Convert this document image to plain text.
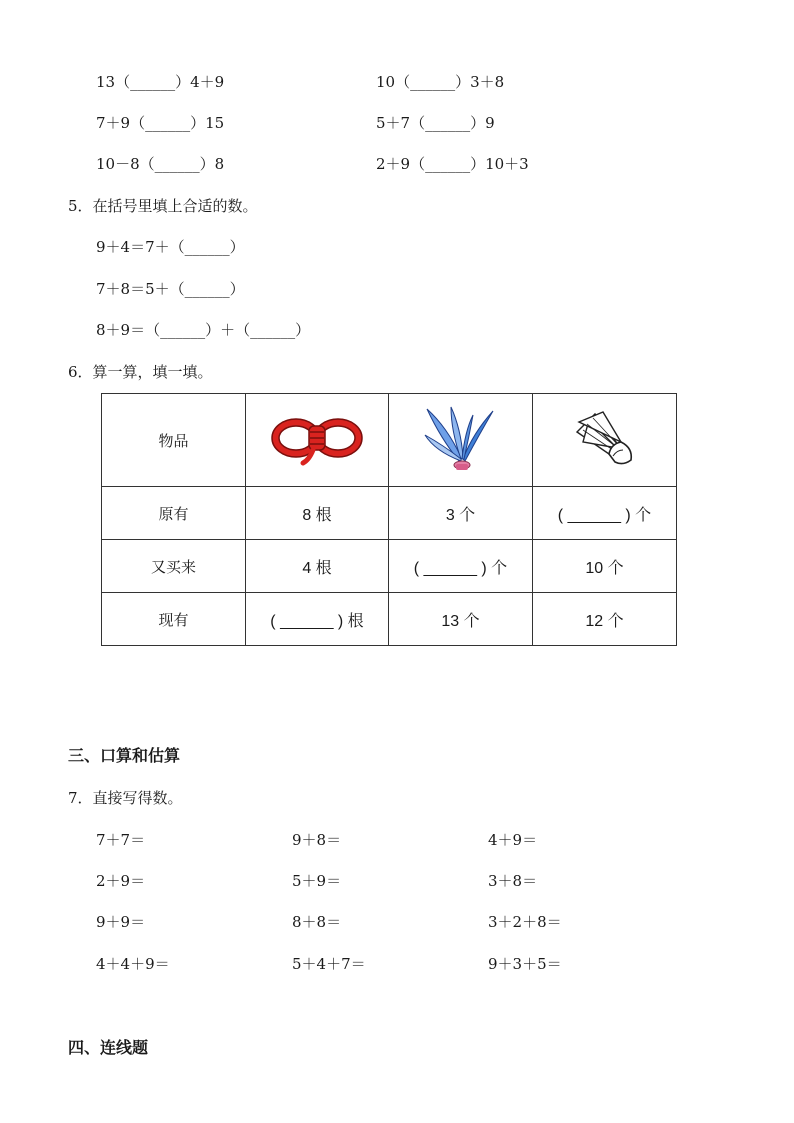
13（______）4＋9	10（______）3＋8
7＋9（______）15	5＋7（______）9
10－8（______）8	2＋9（______）10＋3
5．在括号里填上合适的数。
9＋4＝7＋（______）
7＋8＝5＋（______）
8＋9＝（______）＋（______）
6．算一算，填一填。
物品			
原有	8 根	3 个	( ______ ) 个
又买来	4 根	( ______ ) 个	10 个
现有	( ______ ) 根	13 个	12 个
三、口算和估算
7．直接写得数。
7＋7＝	9＋8＝	4＋9＝
2＋9＝	5＋9＝	3＋8＝
9＋9＝	8＋8＝	3＋2＋8＝
4＋4＋9＝	5＋4＋7＝	9＋3＋5＝
四、连线题
